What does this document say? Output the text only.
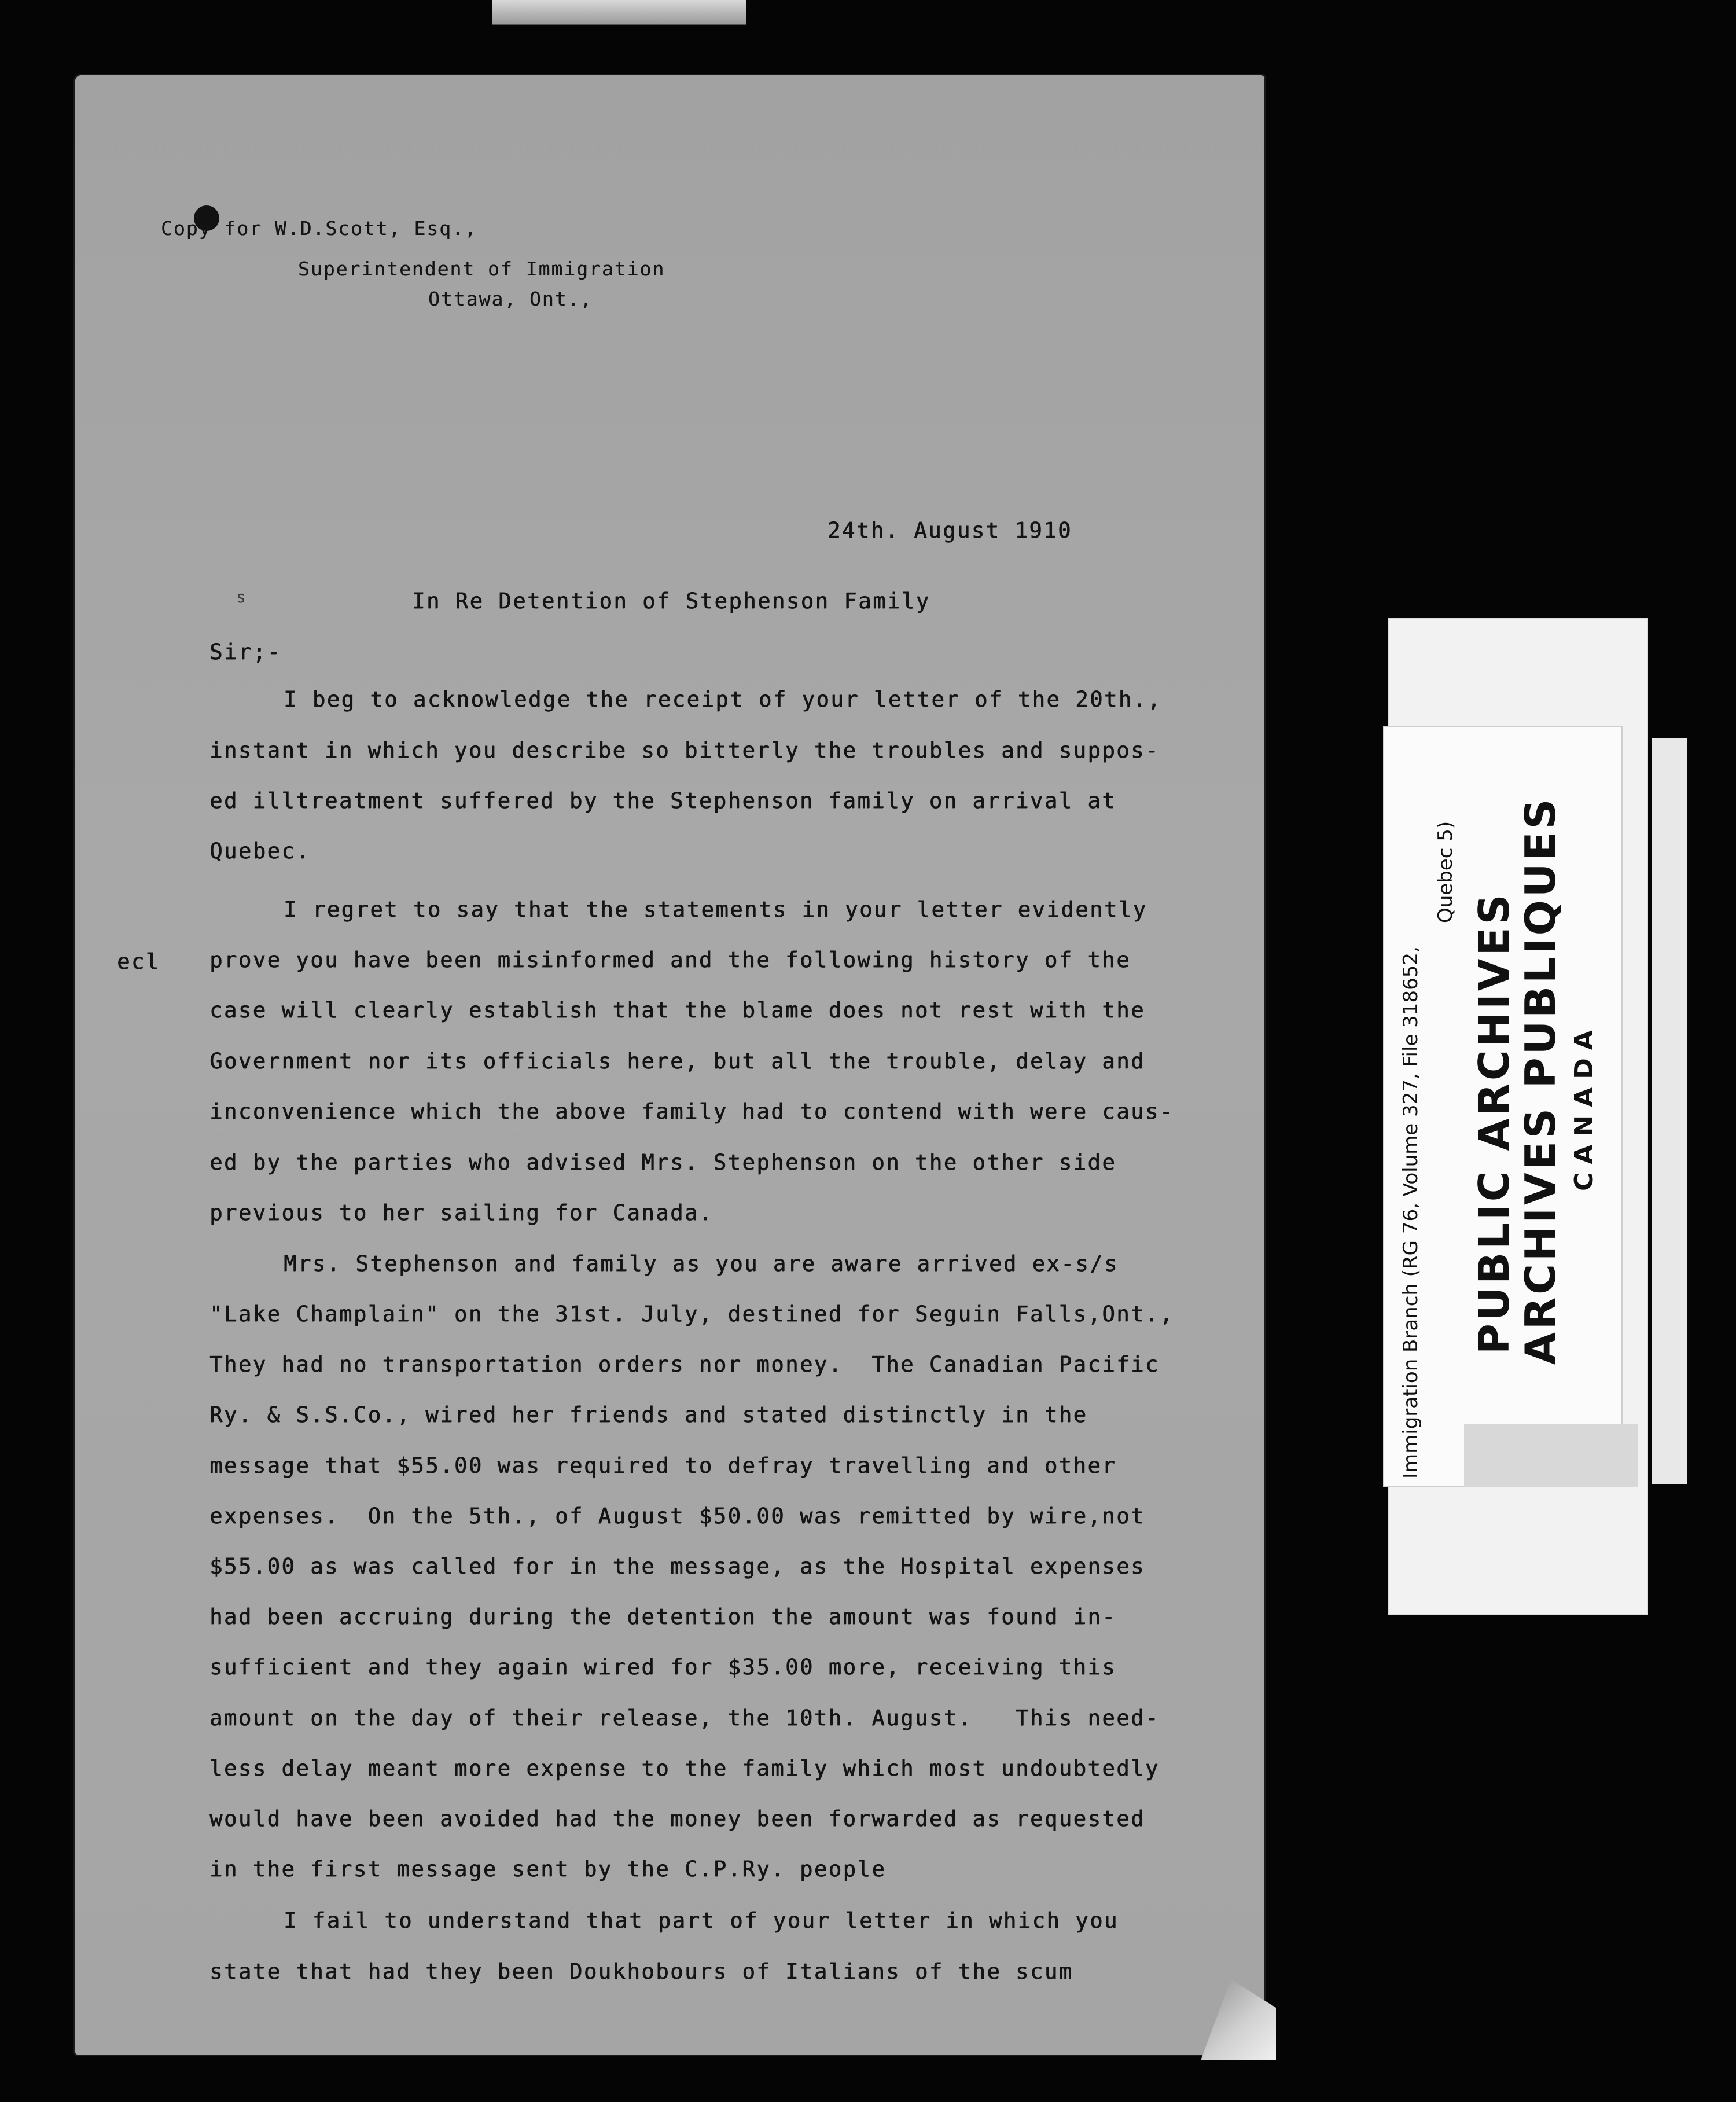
Copy for W.D.Scott, Esq.,
Superintendent of Immigration
Ottawa, Ont.,
24th. August 1910
s	In Re Detention of Stephenson Family
Sir;-
ecl
I beg to acknowledge the receipt of your letter of the 20th.,
instant in which you describe so bitterly the troubles and suppos-
ed illtreatment suffered by the Stephenson family on arrival at
Quebec.
I regret to say that the statements in your letter evidently
prove you have been misinformed and the following history of the
case will clearly establish that the blame does not rest with the
Government nor its officials here, but all the trouble, delay and
inconvenience which the above family had to contend with were caus-
ed by the parties who advised Mrs. Stephenson on the other side
previous to her sailing for Canada.
Mrs. Stephenson and family as you are aware arrived ex-s/s
"Lake Champlain" on the 31st. July, destined for Seguin Falls,Ont.,
They had no transportation orders nor money.  The Canadian Pacific
Ry. & S.S.Co., wired her friends and stated distinctly in the
message that $55.00 was required to defray travelling and other
expenses.  On the 5th., of August $50.00 was remitted by wire,not
$55.00 as was called for in the message, as the Hospital expenses
had been accruing during the detention the amount was found in-
sufficient and they again wired for $35.00 more, receiving this
amount on the day of their release, the 10th. August.   This need-
less delay meant more expense to the family which most undoubtedly
would have been avoided had the money been forwarded as requested
in the first message sent by the C.P.Ry. people
I fail to understand that part of your letter in which you
state that had they been Doukhobours of Italians of the scum
Immigration Branch (RG 76, Volume 327, File 318652,
Quebec 5)
PUBLIC ARCHIVES
ARCHIVES PUBLIQUES CANADA
